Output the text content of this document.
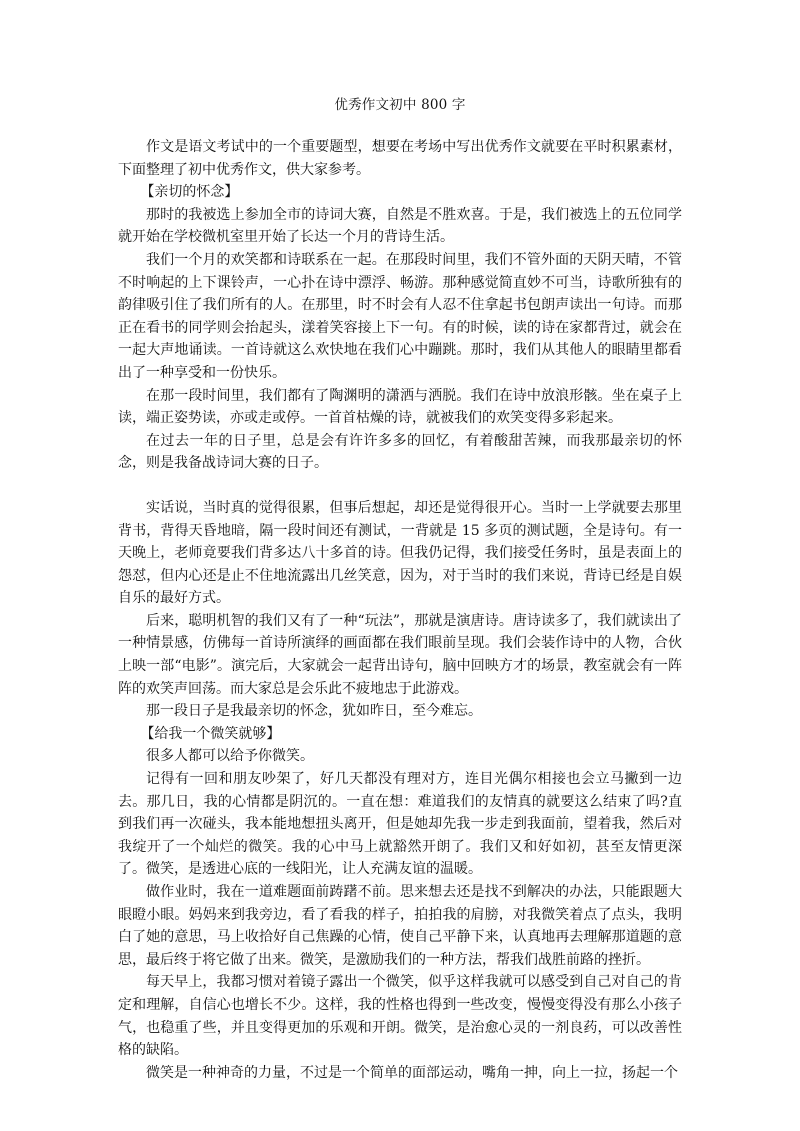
优秀作文初中 800 字

作文是语文考试中的一个重要题型，想要在考场中写出优秀作文就要在平时积累素材，下面整理了初中优秀作文，供大家参考。

【亲切的怀念】

那时的我被选上参加全市的诗词大赛，自然是不胜欢喜。于是，我们被选上的五位同学就开始在学校微机室里开始了长达一个月的背诗生活。

我们一个月的欢笑都和诗联系在一起。在那段时间里，我们不管外面的天阴天晴，不管不时响起的上下课铃声，一心扑在诗中漂浮、畅游。那种感觉简直妙不可当，诗歌所独有的韵律吸引住了我们所有的人。在那里，时不时会有人忍不住拿起书包朗声读出一句诗。而那正在看书的同学则会抬起头，漾着笑容接上下一句。有的时候，读的诗在家都背过，就会在一起大声地诵读。一首诗就这么欢快地在我们心中蹦跳。那时，我们从其他人的眼睛里都看出了一种享受和一份快乐。

在那一段时间里，我们都有了陶渊明的潇洒与洒脱。我们在诗中放浪形骸。坐在桌子上读，端正姿势读，亦或走或停。一首首枯燥的诗，就被我们的欢笑变得多彩起来。

在过去一年的日子里，总是会有许许多多的回忆，有着酸甜苦辣，而我那最亲切的怀念，则是我备战诗词大赛的日子。

实话说，当时真的觉得很累，但事后想起，却还是觉得很开心。当时一上学就要去那里背书，背得天昏地暗，隔一段时间还有测试，一背就是 15 多页的测试题，全是诗句。有一天晚上，老师竟要我们背多达八十多首的诗。但我仍记得，我们接受任务时，虽是表面上的怨怼，但内心还是止不住地流露出几丝笑意，因为，对于当时的我们来说，背诗已经是自娱自乐的最好方式。

后来，聪明机智的我们又有了一种“玩法”，那就是演唐诗。唐诗读多了，我们就读出了一种情景感，仿佛每一首诗所演绎的画面都在我们眼前呈现。我们会装作诗中的人物，合伙上映一部“电影”。演完后，大家就会一起背出诗句，脑中回映方才的场景，教室就会有一阵阵的欢笑声回荡。而大家总是会乐此不疲地忠于此游戏。

那一段日子是我最亲切的怀念，犹如昨日，至今难忘。

【给我一个微笑就够】

很多人都可以给予你微笑。

记得有一回和朋友吵架了，好几天都没有理对方，连目光偶尔相接也会立马撇到一边去。那几日，我的心情都是阴沉的。一直在想：难道我们的友情真的就要这么结束了吗?直到我们再一次碰头，我本能地想扭头离开，但是她却先我一步走到我面前，望着我，然后对我绽开了一个灿烂的微笑。我的心中马上就豁然开朗了。我们又和好如初，甚至友情更深了。微笑，是透进心底的一线阳光，让人充满友谊的温暖。

做作业时，我在一道难题面前踌躇不前。思来想去还是找不到解决的办法，只能跟题大眼瞪小眼。妈妈来到我旁边，看了看我的样子，拍拍我的肩膀，对我微笑着点了点头，我明白了她的意思，马上收拾好自己焦躁的心情，使自己平静下来，认真地再去理解那道题的意思，最后终于将它做了出来。微笑，是激励我们的一种方法，帮我们战胜前路的挫折。

每天早上，我都习惯对着镜子露出一个微笑，似乎这样我就可以感受到自己对自己的肯定和理解，自信心也增长不少。这样，我的性格也得到一些改变，慢慢变得没有那么小孩子气，也稳重了些，并且变得更加的乐观和开朗。微笑，是治愈心灵的一剂良药，可以改善性格的缺陷。

微笑是一种神奇的力量，不过是一个简单的面部运动，嘴角一抻，向上一拉，扬起一个
